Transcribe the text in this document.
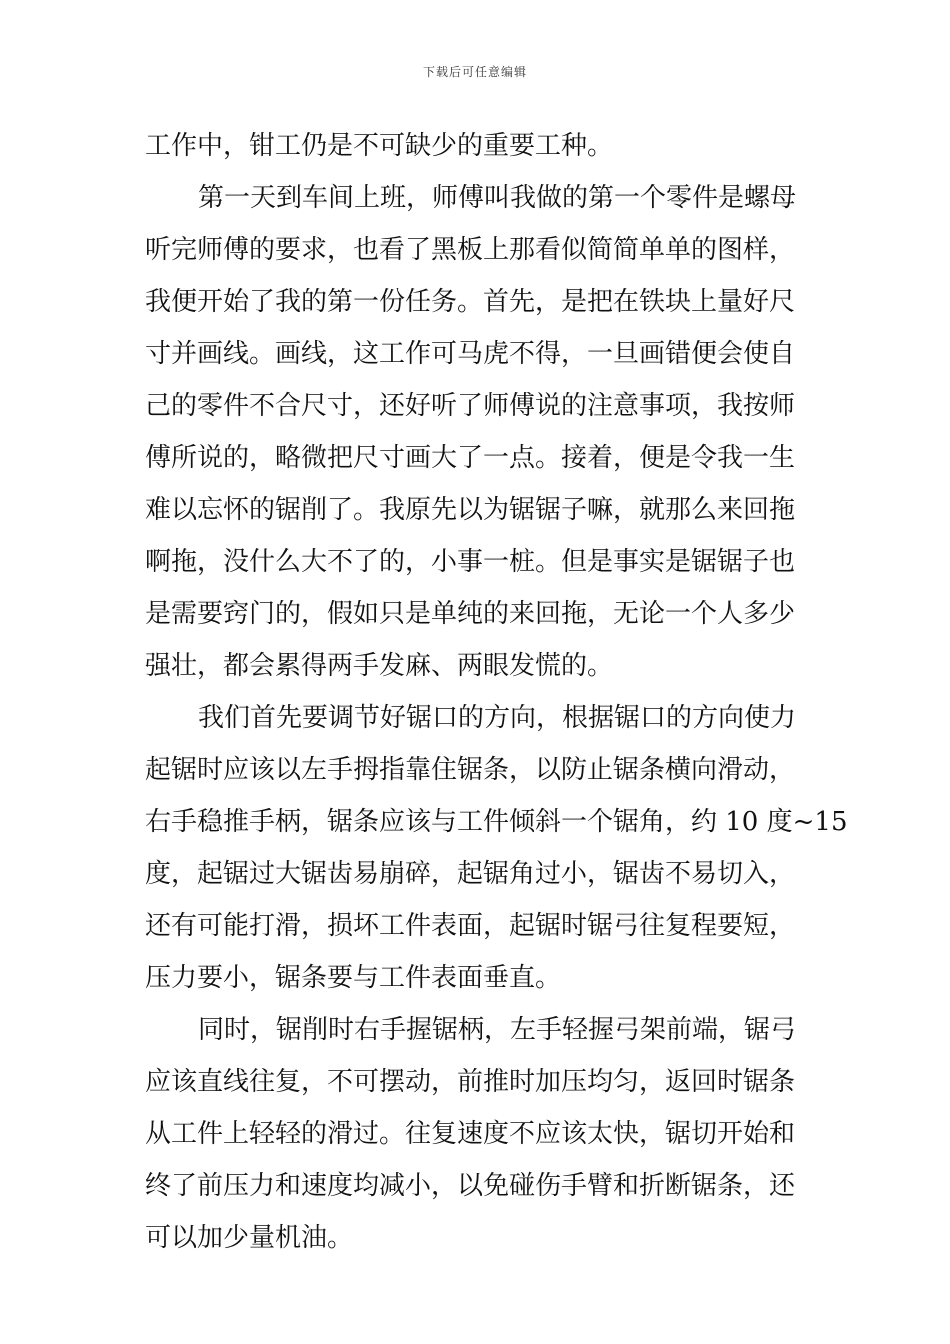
下载后可任意编辑
工作中，钳工仍是不可缺少的重要工种。
第一天到车间上班，师傅叫我做的第一个零件是螺母
听完师傅的要求，也看了黑板上那看似简简单单的图样，
我便开始了我的第一份任务。首先，是把在铁块上量好尺
寸并画线。画线，这工作可马虎不得，一旦画错便会使自
己的零件不合尺寸，还好听了师傅说的注意事项，我按师
傅所说的，略微把尺寸画大了一点。接着，便是令我一生
难以忘怀的锯削了。我原先以为锯锯子嘛，就那么来回拖
啊拖，没什么大不了的，小事一桩。但是事实是锯锯子也
是需要窍门的，假如只是单纯的来回拖，无论一个人多少
强壮，都会累得两手发麻、两眼发慌的。
我们首先要调节好锯口的方向，根据锯口的方向使力
起锯时应该以左手拇指靠住锯条，以防止锯条横向滑动，
右手稳推手柄，锯条应该与工件倾斜一个锯角，约 10 度~15
度，起锯过大锯齿易崩碎，起锯角过小，锯齿不易切入，
还有可能打滑，损坏工件表面，起锯时锯弓往复程要短，
压力要小，锯条要与工件表面垂直。
同时，锯削时右手握锯柄，左手轻握弓架前端，锯弓
应该直线往复，不可摆动，前推时加压均匀，返回时锯条
从工件上轻轻的滑过。往复速度不应该太快，锯切开始和
终了前压力和速度均减小，以免碰伤手臂和折断锯条，还
可以加少量机油。
